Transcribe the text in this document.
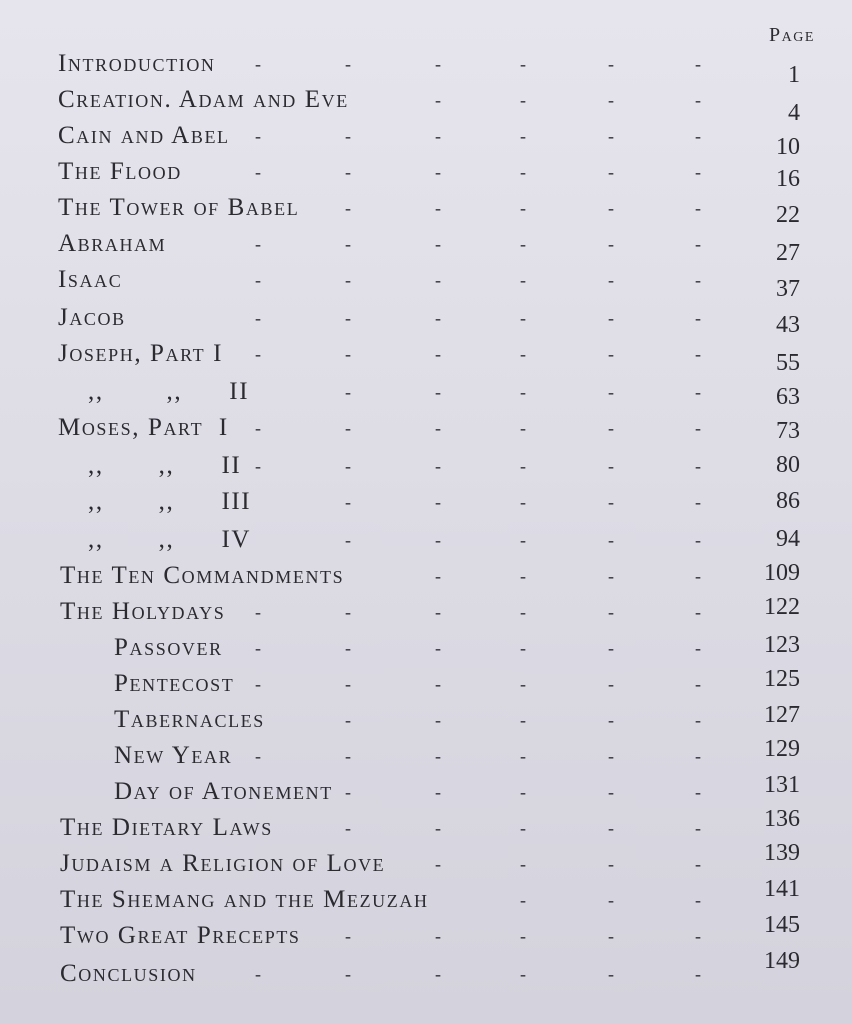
Page
Introduction -	-	-	-	-	-	1
Creation. Adam and Eve	-	-	-	-	4
Cain and Abel -	-	-	-	-	-	10
The Flood	-	-	-	-	-	-	16
The Tower of Babel	-	-	-	-	-	22
Abraham	-	-	-	-	-	-	27
Isaac	-	-	-	-	-	-	37
Jacob	-	-	-	-	-	-	43
Joseph, Part I -	-	-	-	-	-	55
,,        ,,      II	-	-	-	-	-	63
Moses, Part  I -	-	-	-	-	-	73
,,       ,,      II -	-	-	-	-	-	80
,,       ,,      III	-	-	-	-	-	86
,,       ,,      IV	-	-	-	-	-	94
The Ten Commandments	-	-	-	-	109
The Holydays -	-	-	-	-	-	122
Passover -	-	-	-	-	-	123
Pentecost -	-	-	-	-	-	125
Tabernacles	-	-	-	-	-	127
New Year -	-	-	-	-	-	129
Day of Atonement -	-	-	-	-	131
The Dietary Laws	-	-	-	-	-	136
Judaism a Religion of Love	-	-	-	-	139
The Shemang and the Mezuzah	-	-	-	141
Two Great Precepts -	-	-	-	-	145
Conclusion	-	-	-	-	-	-	149
